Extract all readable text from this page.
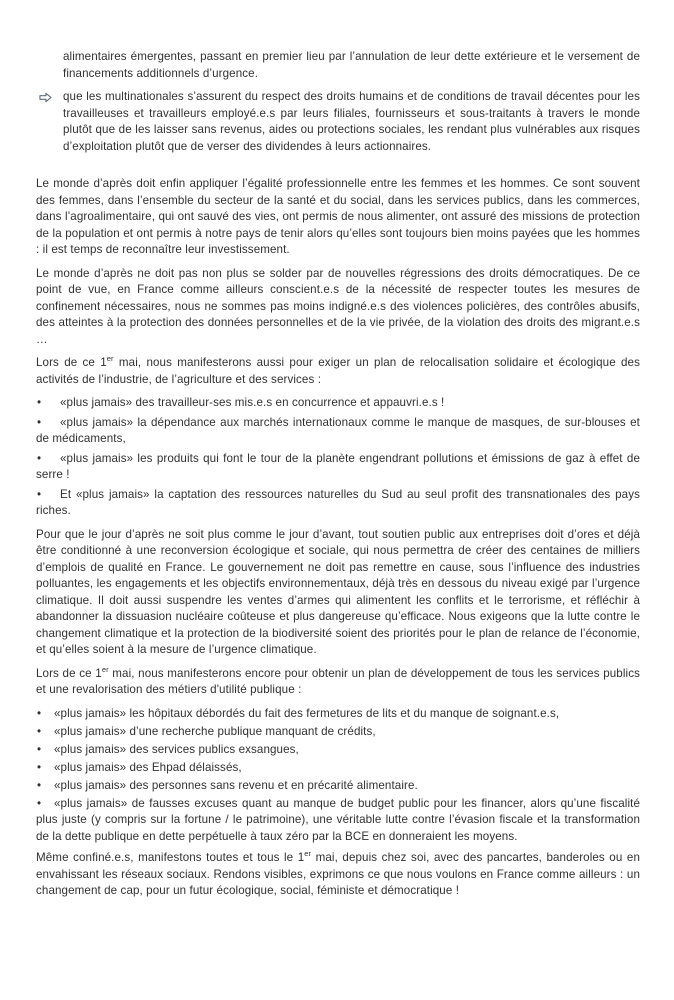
alimentaires émergentes, passant en premier lieu par l’annulation de leur dette extérieure et le versement de financements additionnels d’urgence.

que les multinationales s’assurent du respect des droits humains et de conditions de travail décentes pour les travailleuses et travailleurs employé.e.s par leurs filiales, fournisseurs et sous-traitants à travers le monde plutôt que de les laisser sans revenus, aides ou protections sociales, les rendant plus vulnérables aux risques d’exploitation plutôt que de verser des dividendes à leurs actionnaires.

Le monde d’après doit enfin appliquer l’égalité professionnelle entre les femmes et les hommes. Ce sont souvent des femmes, dans l’ensemble du secteur de la santé et du social, dans les services publics, dans les commerces, dans l’agroalimentaire, qui ont sauvé des vies, ont permis de nous alimenter, ont assuré des missions de protection de la population et ont permis à notre pays de tenir alors qu’elles sont toujours bien moins payées que les hommes : il est temps de reconnaître leur investissement.

Le monde d’après ne doit pas non plus se solder par de nouvelles régressions des droits démocratiques. De ce point de vue, en France comme ailleurs conscient.e.s de la nécessité de respecter toutes les mesures de confinement nécessaires, nous ne sommes pas moins indigné.e.s des violences policières, des contrôles abusifs, des atteintes à la protection des données personnelles et de la vie privée, de la violation des droits des migrant.e.s …

Lors de ce 1er mai, nous manifesterons aussi pour exiger un plan de relocalisation solidaire et écologique des activités de l’industrie, de l’agriculture et des services :

• «plus jamais» des travailleur-ses mis.e.s en concurrence et appauvri.e.s !

• «plus jamais» la dépendance aux marchés internationaux comme le manque de masques, de sur-blouses et de médicaments,

• «plus jamais» les produits qui font le tour de la planète engendrant pollutions et émissions de gaz à effet de serre !

• Et «plus jamais» la captation des ressources naturelles du Sud au seul profit des transnationales des pays riches.

Pour que le jour d’après ne soit plus comme le jour d’avant, tout soutien public aux entreprises doit d’ores et déjà être conditionné à une reconversion écologique et sociale, qui nous permettra de créer des centaines de milliers d’emplois de qualité en France. Le gouvernement ne doit pas remettre en cause, sous l’influence des industries polluantes, les engagements et les objectifs environnementaux, déjà très en dessous du niveau exigé par l’urgence climatique. Il doit aussi suspendre les ventes d’armes qui alimentent les conflits et le terrorisme, et réfléchir à abandonner la dissuasion nucléaire coûteuse et plus dangereuse qu’efficace. Nous exigeons que la lutte contre le changement climatique et la protection de la biodiversité soient des priorités pour le plan de relance de l’économie, et qu’elles soient à la mesure de l’urgence climatique.

Lors de ce 1er mai, nous manifesterons encore pour obtenir un plan de développement de tous les services publics et une revalorisation des métiers d'utilité publique :

• «plus jamais» les hôpitaux débordés du fait des fermetures de lits et du manque de soignant.e.s,

• «plus jamais» d’une recherche publique manquant de crédits,

• «plus jamais» des services publics exsangues,

• «plus jamais» des Ehpad délaissés,

• «plus jamais» des personnes sans revenu et en précarité alimentaire.

• «plus jamais» de fausses excuses quant au manque de budget public pour les financer, alors qu’une fiscalité plus juste (y compris sur la fortune / le patrimoine), une véritable lutte contre l’évasion fiscale et la transformation de la dette publique en dette perpétuelle à taux zéro par la BCE en donneraient les moyens.

Même confiné.e.s, manifestons toutes et tous le 1er mai, depuis chez soi, avec des pancartes, banderoles ou en envahissant les réseaux sociaux. Rendons visibles, exprimons ce que nous voulons en France comme ailleurs : un changement de cap, pour un futur écologique, social, féministe et démocratique !
